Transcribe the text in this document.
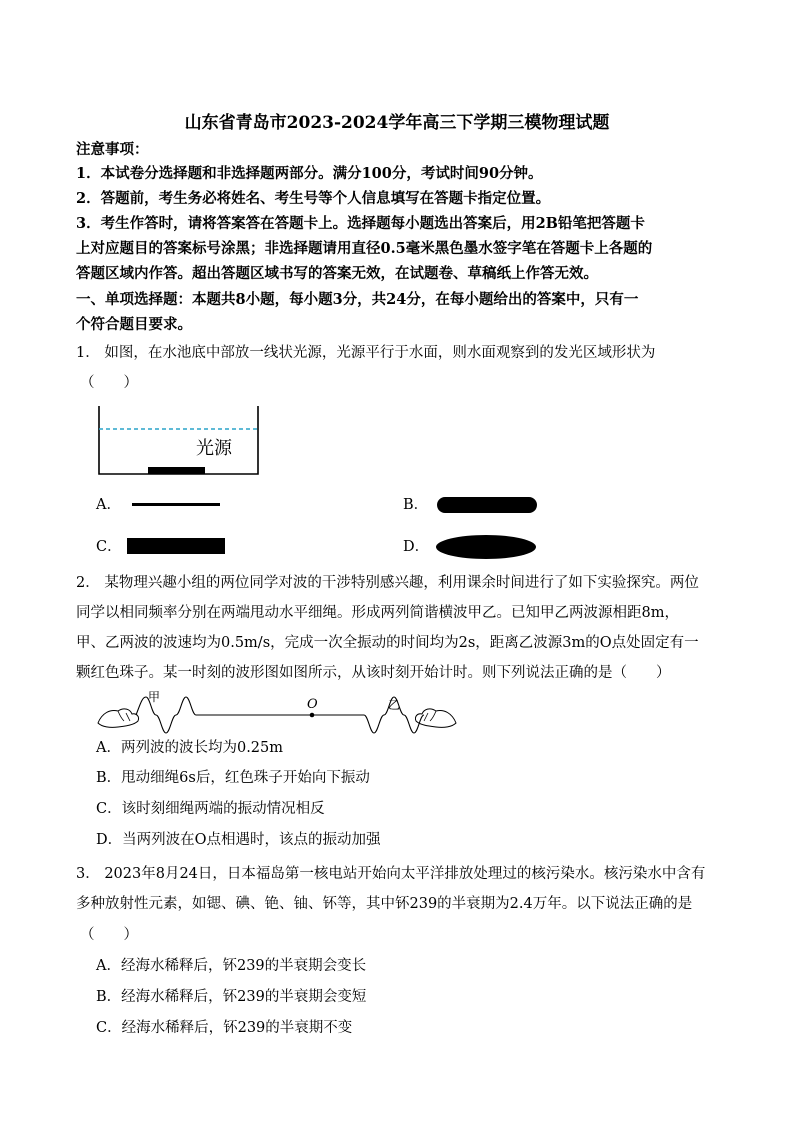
山东省青岛市2023-2024学年高三下学期三模物理试题
注意事项：
1．本试卷分选择题和非选择题两部分。满分100分，考试时间90分钟。
2．答题前，考生务必将姓名、考生号等个人信息填写在答题卡指定位置。
3．考生作答时，请将答案答在答题卡上。选择题每小题选出答案后，用2B铅笔把答题卡
上对应题目的答案标号涂黑；非选择题请用直径0.5毫米黑色墨水签字笔在答题卡上各题的
答题区域内作答。超出答题区域书写的答案无效，在试题卷、草稿纸上作答无效。
一、单项选择题：本题共8小题，每小题3分，共24分，在每小题给出的答案中，只有一
个符合题目要求。
1． 如图，在水池底中部放一线状光源，光源平行于水面，则水面观察到的发光区域形状为
（　　）
光源
A．	B．
C．	D．
2． 某物理兴趣小组的两位同学对波的干涉特别感兴趣，利用课余时间进行了如下实验探究。两位
同学以相同频率分别在两端甩动水平细绳。形成两列简谐横波甲乙。已知甲乙两波源相距8m，
甲、乙两波的波速均为0.5m/s，完成一次全振动的时间均为2s，距离乙波源3m的O点处固定有一
颗红色珠子。某一时刻的波形图如图所示，从该时刻开始计时。则下列说法正确的是（　　）
甲	O	乙
A．两列波的波长均为0.25m
B．甩动细绳6s后，红色珠子开始向下振动
C．该时刻细绳两端的振动情况相反
D．当两列波在O点相遇时，该点的振动加强
3． 2023年8月24日，日本福岛第一核电站开始向太平洋排放处理过的核污染水。核污染水中含有
多种放射性元素，如锶、碘、铯、铀、钚等，其中钚239的半衰期为2.4万年。以下说法正确的是
（　　）
A．经海水稀释后，钚239的半衰期会变长
B．经海水稀释后，钚239的半衰期会变短
C．经海水稀释后，钚239的半衰期不变
